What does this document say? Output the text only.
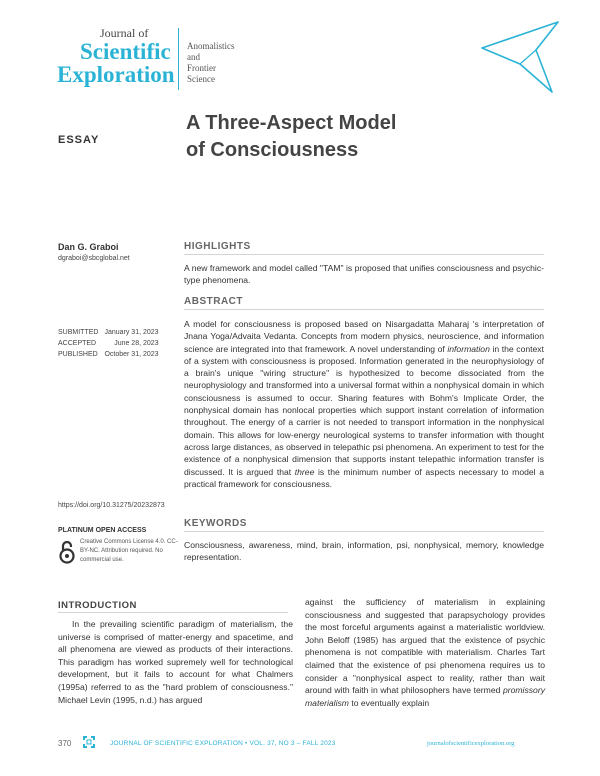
Journal of
Scientific
Exploration
Anomalistics
and
Frontier
Science
ESSAY
A Three-Aspect Model
of Consciousness
Dan G. Graboi
dgraboi@sbcglobal.net
SUBMITTED	January 31, 2023
ACCEPTED	June 28, 2023
PUBLISHED	October 31, 2023
https://doi.org/10.31275/20232873
PLATINUM OPEN ACCESS
Creative Commons License 4.0. CC-BY-NC. Attribution required. No commercial use.
HIGHLIGHTS
A new framework and model called "TAM" is proposed that unifies consciousness and psychic-type phenomena.
ABSTRACT
A model for consciousness is proposed based on Nisargadatta Maharaj 's interpretation of Jnana Yoga/Advaita Vedanta. Concepts from modern physics, neuroscience, and information science are integrated into that framework. A novel understanding of information in the context of a system with consciousness is proposed. Information generated in the neurophysiology of a brain's unique "wiring structure" is hypothesized to become dissociated from the neurophysiology and transformed into a universal format within a nonphysical domain in which consciousness is assumed to occur. Sharing features with Bohm's Implicate Order, the nonphysical domain has nonlocal properties which support instant correlation of information throughout. The energy of a carrier is not needed to transport information in the nonphysical domain. This allows for low-energy neurological systems to transfer information with thought across large distances, as observed in telepathic psi phenomena. An experiment to test for the existence of a nonphysical dimension that supports instant telepathic information transfer is discussed. It is argued that three is the minimum number of aspects necessary to model a practical framework for consciousness.
KEYWORDS
Consciousness, awareness, mind, brain, information, psi, nonphysical, memory, knowledge representation.
INTRODUCTION
In the prevailing scientific paradigm of materialism, the universe is comprised of matter-energy and spacetime, and all phenomena are viewed as products of their interactions. This paradigm has worked supremely well for technological development, but it fails to account for what Chalmers (1995a) referred to as the "hard problem of consciousness." Michael Levin (1995, n.d.) has argued
against the sufficiency of materialism in explaining consciousness and suggested that parapsychology provides the most forceful arguments against a materialistic worldview. John Beloff (1985) has argued that the existence of psychic phenomena is not compatible with materialism. Charles Tart claimed that the existence of psi phenomena requires us to consider a "nonphysical aspect to reality, rather than wait around with faith in what philosophers have termed promissory materialism to eventually explain
370	JOURNAL OF SCIENTIFIC EXPLORATION • VOL. 37, NO 3 – FALL 2023	journalofscientificexploration.org
